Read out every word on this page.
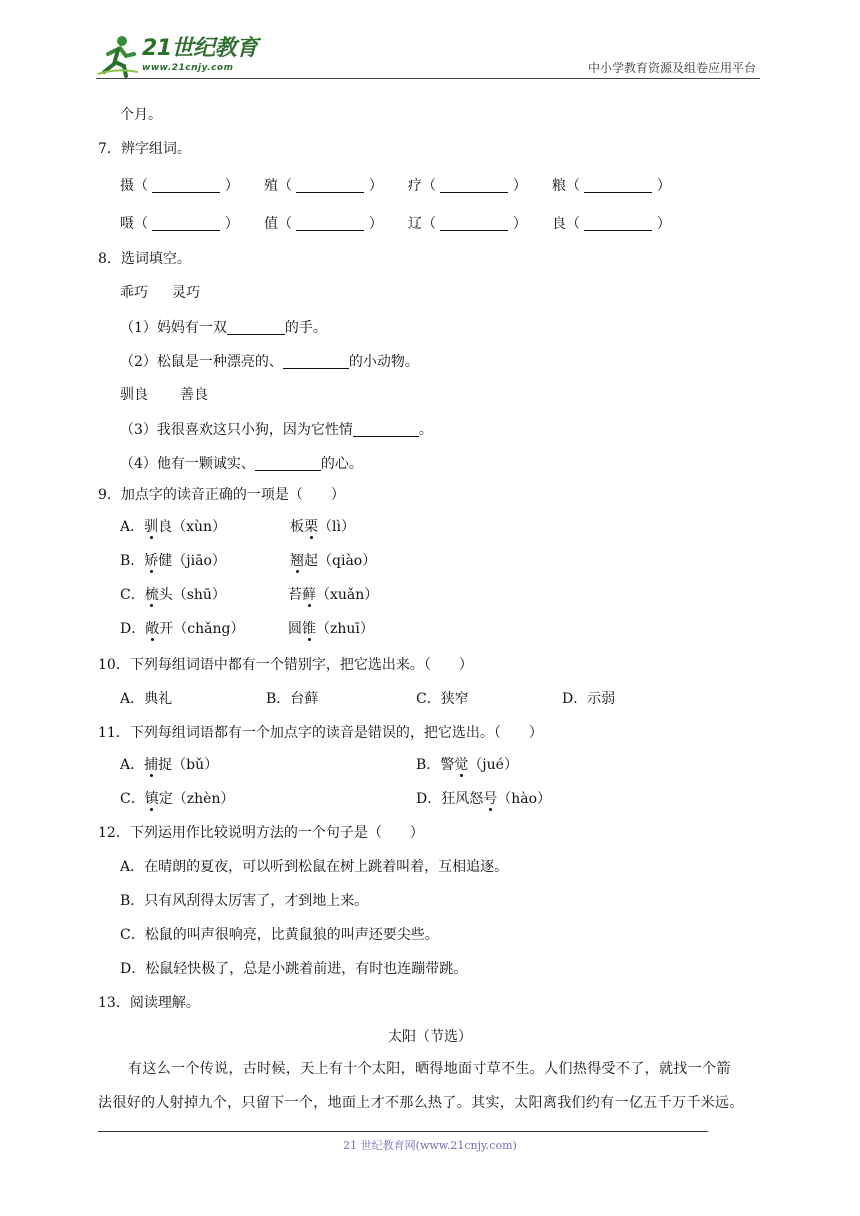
21世纪教育
www.21cnjy.com	中小学教育资源及组卷应用平台
个月。
7．辨字组词。
摄（	） 殖（	） 疗（	） 粮（	）
嗫（	） 值（	） 辽（	） 良（	）
8．选词填空。
乖巧 灵巧
（1）妈妈有一双	的手。
（2）松鼠是一种漂亮的、	的小动物。
驯良 善良
（3）我很喜欢这只小狗，因为它性情	。
（4）他有一颗诚实、	的心。
9．加点字的读音正确的一项是（　　）
A．驯良（xùn）	板栗（lì）
B．矫健（jiāo）	翘起（qiào）
C．梳头（shū）	苔藓（xuǎn）
D．敞开（chǎng）	圆锥（zhuī）
10．下列每组词语中都有一个错别字，把它选出来。（　　）
A．典礼	B．台藓	C．狭窄	D．示弱
11．下列每组词语都有一个加点字的读音是错误的，把它选出。（　　）
A．捕捉（bǔ）	B．警觉（jué）
C．镇定（zhèn）	D．狂风怒号（hào）
12．下列运用作比较说明方法的一个句子是（　　）
A．在晴朗的夏夜，可以听到松鼠在树上跳着叫着，互相追逐。
B．只有风刮得太厉害了，才到地上来。
C．松鼠的叫声很响亮，比黄鼠狼的叫声还要尖些。
D．松鼠轻快极了，总是小跳着前进，有时也连蹦带跳。
13．阅读理解。
太阳（节选）
有这么一个传说，古时候，天上有十个太阳，晒得地面寸草不生。人们热得受不了，就找一个箭
法很好的人射掉九个，只留下一个，地面上才不那么热了。其实，太阳离我们约有一亿五千万千米远。
21 世纪教育网(www.21cnjy.com)
